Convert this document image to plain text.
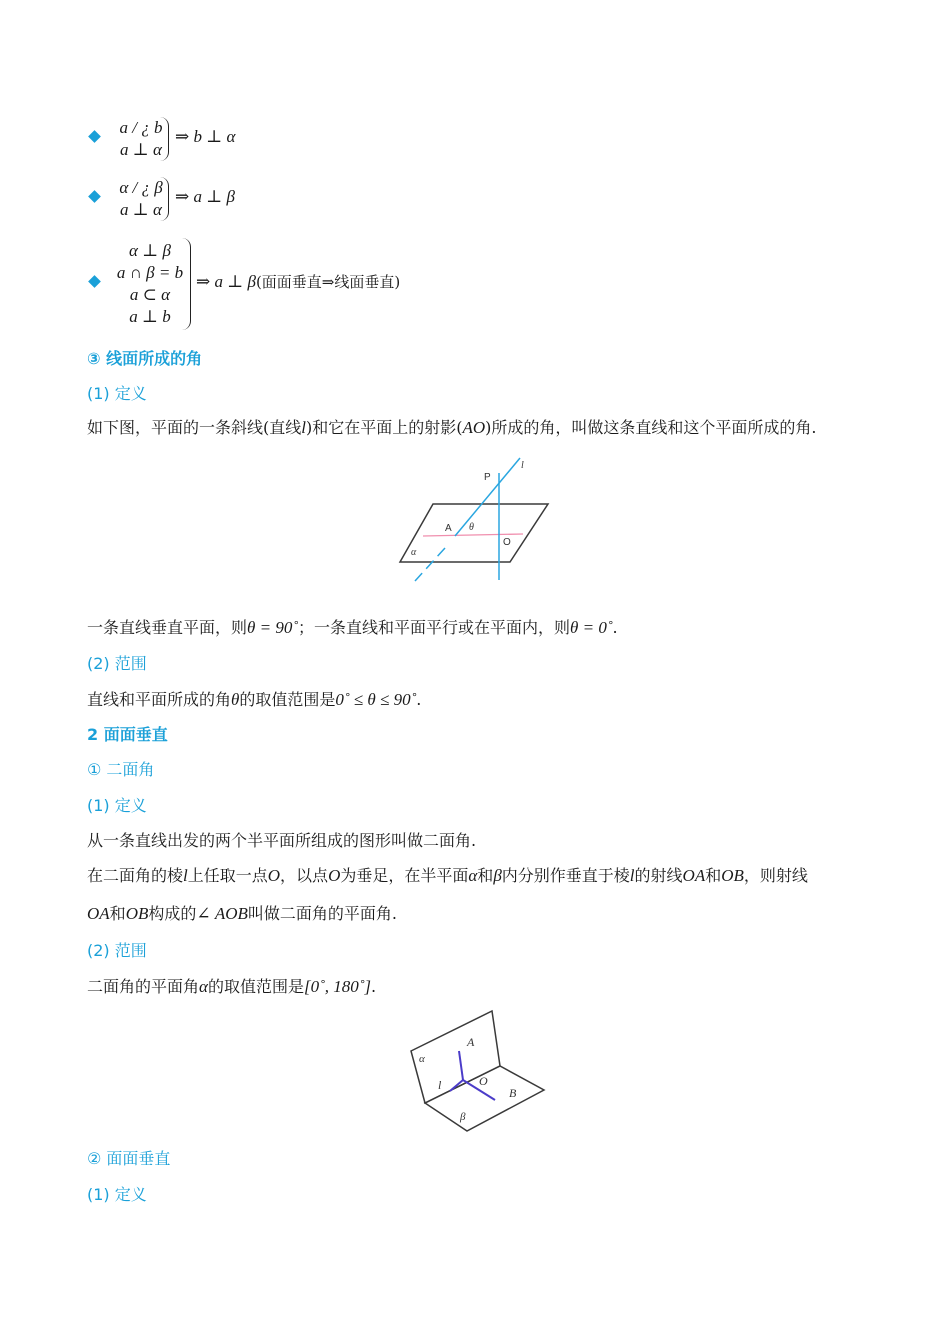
a / ¿ b
a ⊥ α
⇒ b ⊥ α
α / ¿ β
a ⊥ α
⇒ a ⊥ β
α ⊥ β
a ∩ β = b
a ⊂ α
a ⊥ b
⇒ a ⊥ β(面面垂直⇒线面垂直)
③ 线面所成的角
(1) 定义
如下图，平面的一条斜线(直线l)和它在平面上的射影(AO)所成的角，叫做这条直线和这个平面所成的角.
P
l
A θ
O
α
一条直线垂直平面，则θ = 90˚；一条直线和平面平行或在平面内，则θ = 0˚.
(2) 范围
直线和平面所成的角θ的取值范围是0˚ ≤ θ ≤ 90˚.
2 面面垂直
① 二面角
(1) 定义
从一条直线出发的两个半平面所组成的图形叫做二面角.
在二面角的棱l上任取一点O，以点O为垂足，在半平面α和β内分别作垂直于棱l的射线OA和OB，则射线
OA和OB构成的∠ AOB叫做二面角的平面角.
(2) 范围
二面角的平面角α的取值范围是[0˚, 180˚].
α
A
l	O
B
β
② 面面垂直
(1) 定义
